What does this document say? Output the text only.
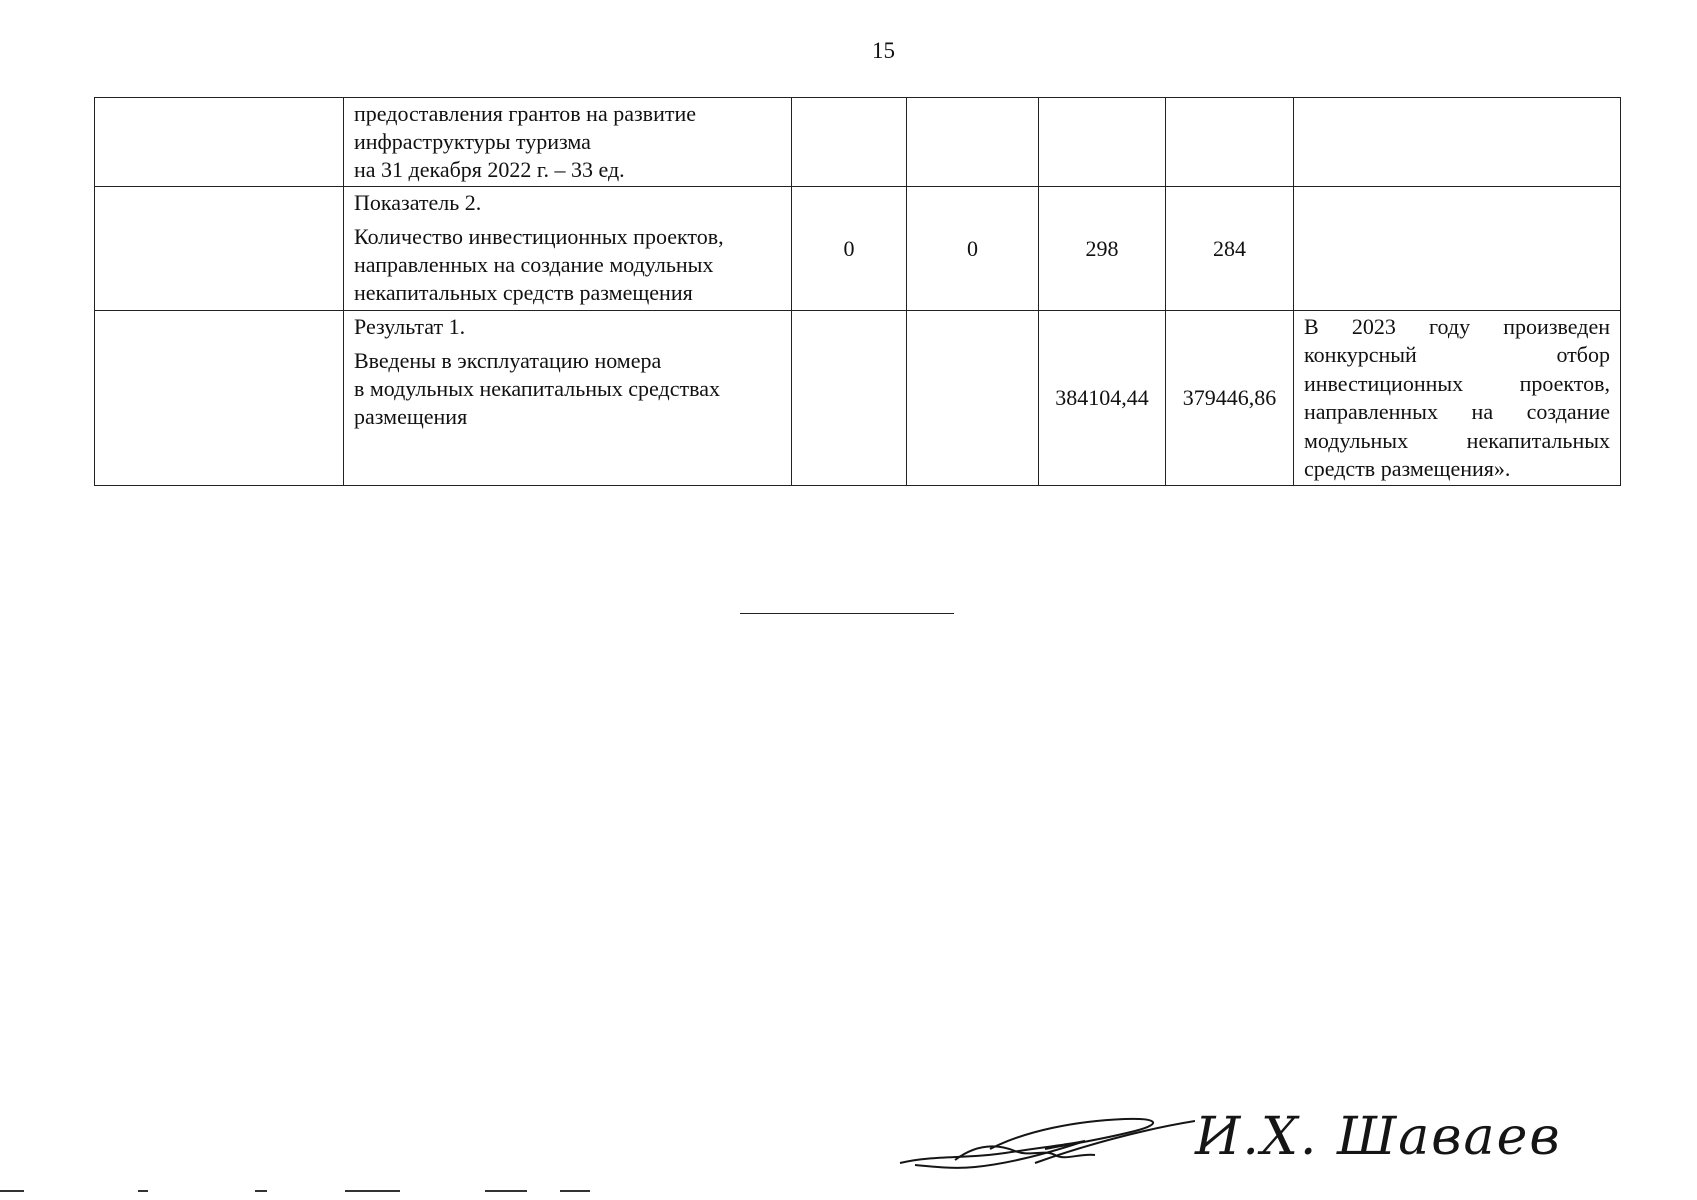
15

	предоставления грантов на развитие
инфраструктуры туризма
на 31 декабря 2022 г. – 33 ед.					

	Показатель 2.
Количество инвестиционных проектов,
направленных на создание модульных
некапитальных средств размещения	0	0	298	284	

	Результат 1.
Введены в эксплуатацию номера
в модульных некапитальных средствах
размещения			384104,44	379446,86	В 2023 году произведен конкурсный отбор инвестиционных проектов, направленных на создание модульных некапитальных средств размещения».
И.Х. Шаваев
